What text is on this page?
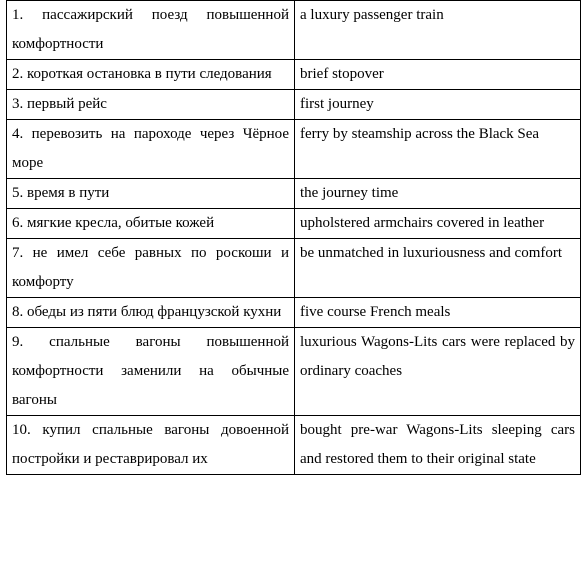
1. пассажирский поезд повышенной комфортности	a luxury passenger train
2. короткая остановка в пути следования	brief stopover
3. первый рейс	first journey
4. перевозить на пароходе через Чёрное море	ferry by steamship across the Black Sea
5. время в пути	the journey time
6. мягкие кресла, обитые кожей	upholstered armchairs covered in leather
7. не имел себе равных по роскоши и комфорту	be unmatched in luxuriousness and comfort
8. обеды из пяти блюд французской кухни	five course French meals
9. спальные вагоны повышенной комфортности заменили на обычные вагоны	luxurious Wagons-Lits cars were replaced by ordinary coaches
10. купил спальные вагоны довоенной постройки и реставрировал их	bought pre-war Wagons-Lits sleeping cars and restored them to their original state
